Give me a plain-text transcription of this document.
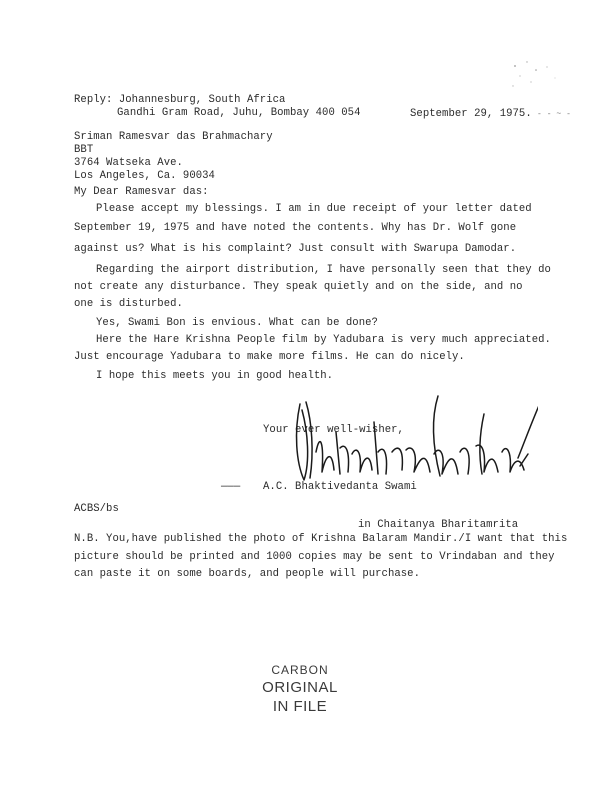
Reply: Johannesburg, South Africa
Gandhi Gram Road, Juhu, Bombay 400 054	September 29, 1975. - - ~ -
Sriman Ramesvar das Brahmachary
BBT
3764 Watseka Ave.
Los Angeles, Ca. 90034
My Dear Ramesvar das:
Please accept my blessings. I am in due receipt of your letter dated
September 19, 1975 and have noted the contents. Why has Dr. Wolf gone
against us? What is his complaint? Just consult with Swarupa Damodar.
Regarding the airport distribution, I have personally seen that they do
not create any disturbance. They speak quietly and on the side, and no
one is disturbed.
Yes, Swami Bon is envious. What can be done?
Here the Hare Krishna People film by Yadubara is very much appreciated.
Just encourage Yadubara to make more films. He can do nicely.
I hope this meets you in good health.
Your ever well-wisher,
——— A.C. Bhaktivedanta Swami
ACBS/bs
in Chaitanya Bharitamrita
N.B. You,have published the photo of Krishna Balaram Mandir./I want that this
picture should be printed and 1000 copies may be sent to Vrindaban and they
can paste it on some boards, and people will purchase.
CARBON
ORIGINAL
IN FILE
